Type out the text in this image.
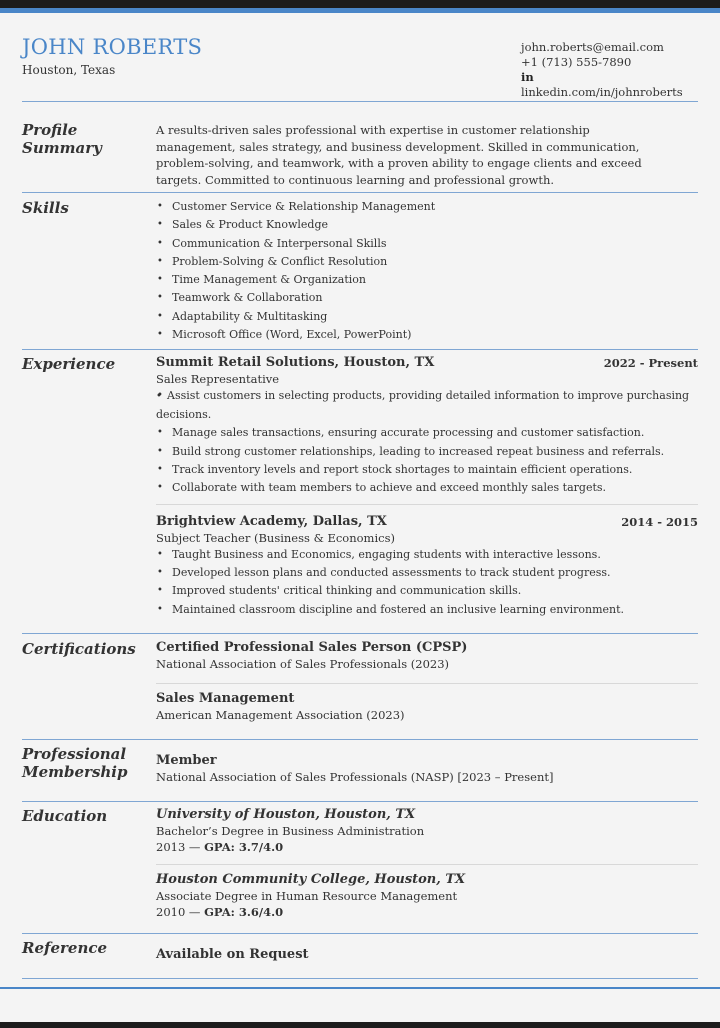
JOHN ROBERTS
Houston, Texas
john.roberts@email.com
+1 (713) 555-7890
in linkedin.com/in/johnroberts
Profile
Summary
A results-driven sales professional with expertise in customer relationship management, sales strategy, and business development. Skilled in communication, problem-solving, and teamwork, with a proven ability to engage clients and exceed targets. Committed to continuous learning and professional growth.
Skills
•	Customer Service & Relationship Management
• Sales & Product Knowledge
• Communication & Interpersonal Skills
• Problem-Solving & Conflict Resolution
• Time Management & Organization
• Teamwork & Collaboration
• Adaptability & Multitasking
• Microsoft Office (Word, Excel, PowerPoint)
Experience	Summit Retail Solutions, Houston, TX	2022 - Present
Sales Representative
• • Assist customers in selecting products, providing detailed information to improve purchasing decisions.
• Manage sales transactions, ensuring accurate processing and customer satisfaction.
• Build strong customer relationships, leading to increased repeat business and referrals.
• Track inventory levels and report stock shortages to maintain efficient operations.
• Collaborate with team members to achieve and exceed monthly sales targets.
Brightview Academy, Dallas, TX	2014 - 2015
Subject Teacher (Business & Economics)
• Taught Business and Economics, engaging students with interactive lessons.
• Developed lesson plans and conducted assessments to track student progress.
• Improved students' critical thinking and communication skills.
• Maintained classroom discipline and fostered an inclusive learning environment.
Certifications	Certified Professional Sales Person (CPSP)
National Association of Sales Professionals (2023)
Sales Management
American Management Association (2023)
Professional
Membership
Member
National Association of Sales Professionals (NASP) [2023 – Present]
Education	University of Houston, Houston, TX
Bachelor’s Degree in Business Administration
2013 — GPA: 3.7/4.0
Houston Community College, Houston, TX
Associate Degree in Human Resource Management
2010 — GPA: 3.6/4.0
Reference	Available on Request
